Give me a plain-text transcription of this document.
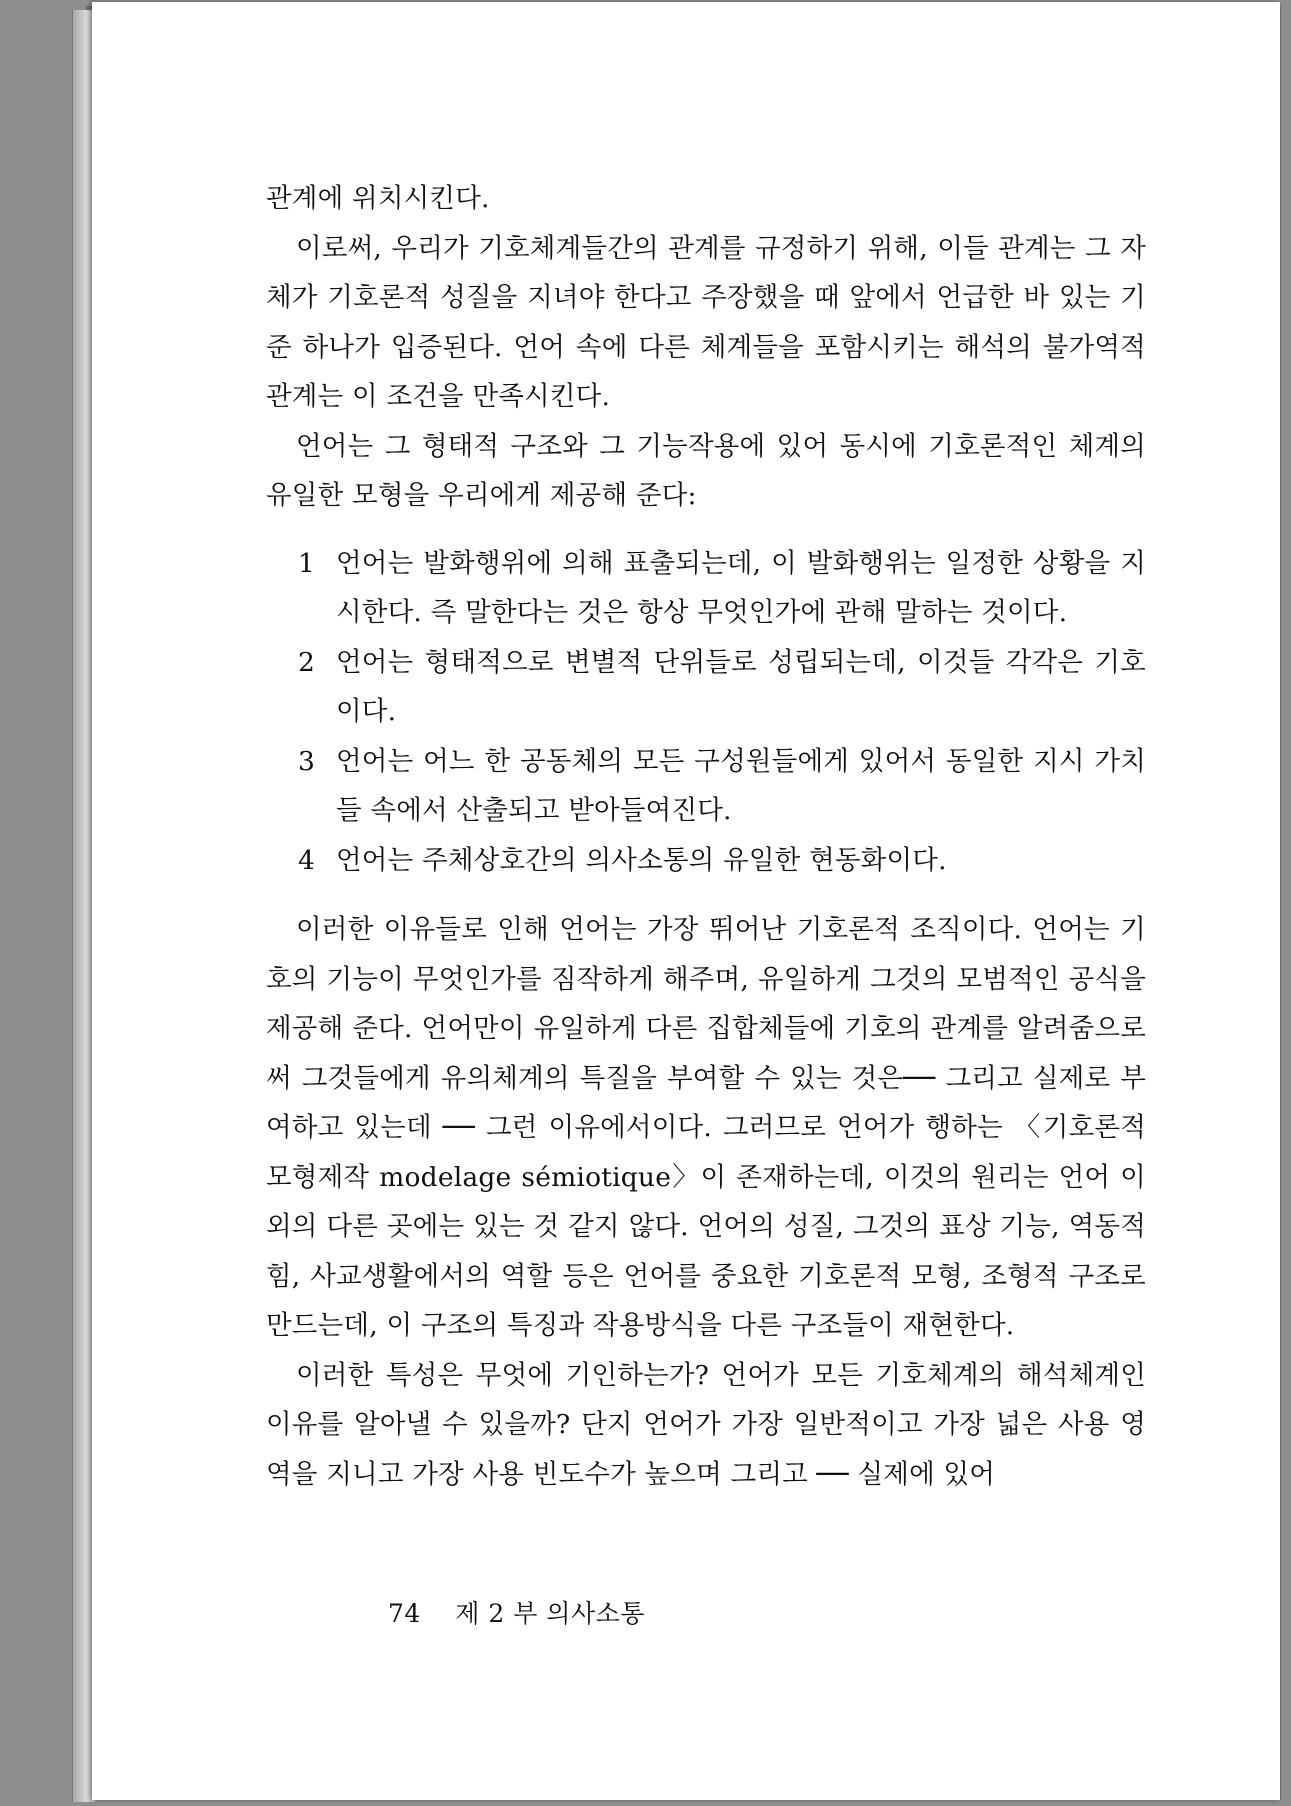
관계에 위치시킨다.

이로써, 우리가 기호체계들간의 관계를 규정하기 위해, 이들 관계는 그 자체가 기호론적 성질을 지녀야 한다고 주장했을 때 앞에서 언급한 바 있는 기준 하나가 입증된다. 언어 속에 다른 체계들을 포함시키는 해석의 불가역적 관계는 이 조건을 만족시킨다.

언어는 그 형태적 구조와 그 기능작용에 있어 동시에 기호론적인 체계의 유일한 모형을 우리에게 제공해 준다:

1 언어는 발화행위에 의해 표출되는데, 이 발화행위는 일정한 상황을 지시한다. 즉 말한다는 것은 항상 무엇인가에 관해 말하는 것이다.
2 언어는 형태적으로 변별적 단위들로 성립되는데, 이것들 각각은 기호이다.
3 언어는 어느 한 공동체의 모든 구성원들에게 있어서 동일한 지시 가치들 속에서 산출되고 받아들여진다.
4 언어는 주체상호간의 의사소통의 유일한 현동화이다.

이러한 이유들로 인해 언어는 가장 뛰어난 기호론적 조직이다. 언어는 기호의 기능이 무엇인가를 짐작하게 해주며, 유일하게 그것의 모범적인 공식을 제공해 준다. 언어만이 유일하게 다른 집합체들에 기호의 관계를 알려줌으로써 그것들에게 유의체계의 특질을 부여할 수 있는 것은── 그리고 실제로 부여하고 있는데 ── 그런 이유에서이다. 그러므로 언어가 행하는 〈기호론적 모형제작 modelage sémiotique〉이 존재하는데, 이것의 원리는 언어 이외의 다른 곳에는 있는 것 같지 않다. 언어의 성질, 그것의 표상 기능, 역동적 힘, 사교생활에서의 역할 등은 언어를 중요한 기호론적 모형, 조형적 구조로 만드는데, 이 구조의 특징과 작용방식을 다른 구조들이 재현한다.

이러한 특성은 무엇에 기인하는가? 언어가 모든 기호체계의 해석체계인 이유를 알아낼 수 있을까? 단지 언어가 가장 일반적이고 가장 넓은 사용 영역을 지니고 가장 사용 빈도수가 높으며 그리고 ── 실제에 있어

74 제 2 부 의사소통
